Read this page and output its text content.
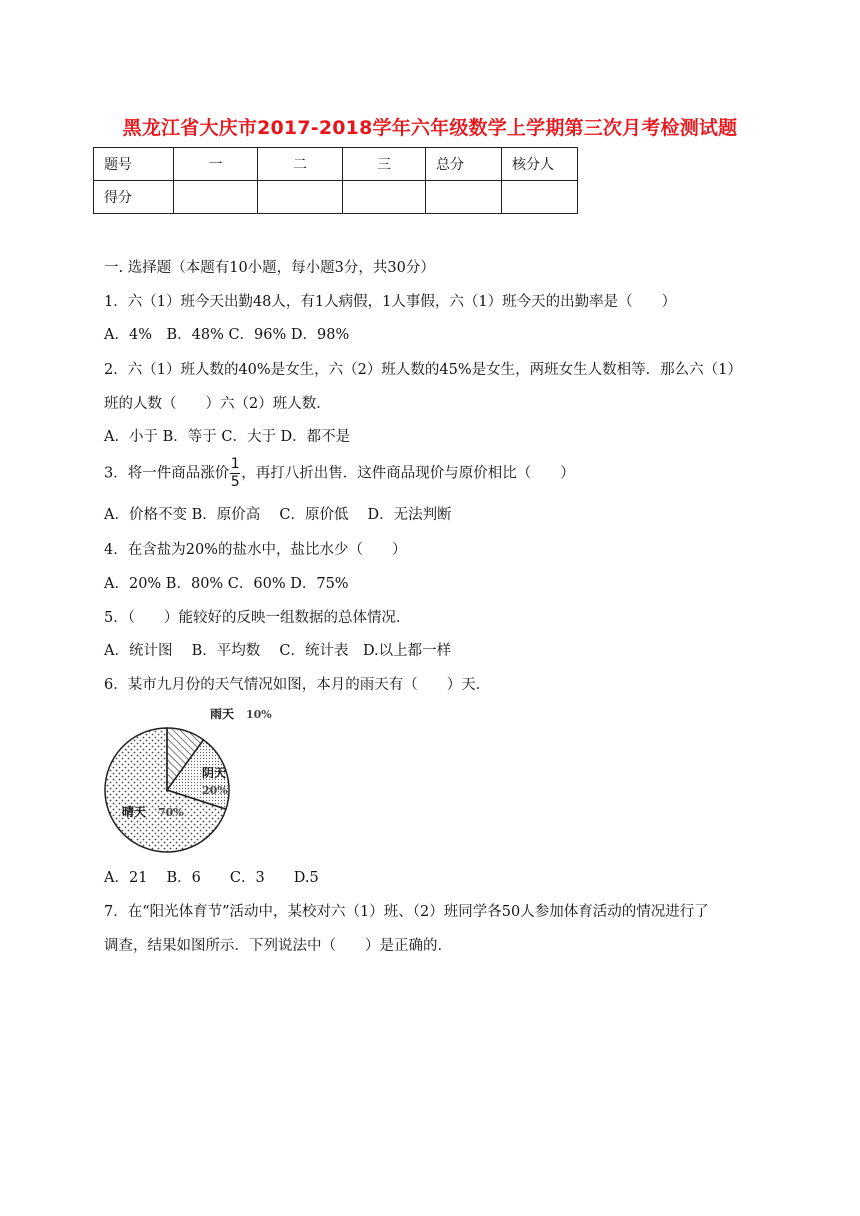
黑龙江省大庆市2017-2018学年六年级数学上学期第三次月考检测试题
题号	一	二	三	总分	核分人
得分					
一. 选择题（本题有10小题，每小题3分，共30分）
1．六（1）班今天出勤48人，有1人病假，1人事假，六（1）班今天的出勤率是（　　）
A．4%　B．48% C．96% D．98%
2．六（1）班人数的40%是女生，六（2）班人数的45%是女生，两班女生人数相等．那么六（1）
班的人数（　　）六（2）班人数．
A．小于 B．等于 C．大于 D．都不是
3．将一件商品涨价$\frac{1}{5}$，再打八折出售．这件商品现价与原价相比（　　）
A．价格不变 B．原价高　 C．原价低　 D．无法判断
4．在含盐为20%的盐水中，盐比水少（　　）
A．20% B．80% C．60% D．75%
5．（　　）能较好的反映一组数据的总体情况．
A．统计图　 B．平均数　 C．统计表　D.以上都一样
6．某市九月份的天气情况如图，本月的雨天有（　　）天．
雨天 10%
阴天
20%
晴天 70%
A．21　 B．6　　C．3　　D.5
7．在“阳光体育节”活动中，某校对六（1）班、（2）班同学各50人参加体育活动的情况进行了
调查，结果如图所示．下列说法中（　　）是正确的．
